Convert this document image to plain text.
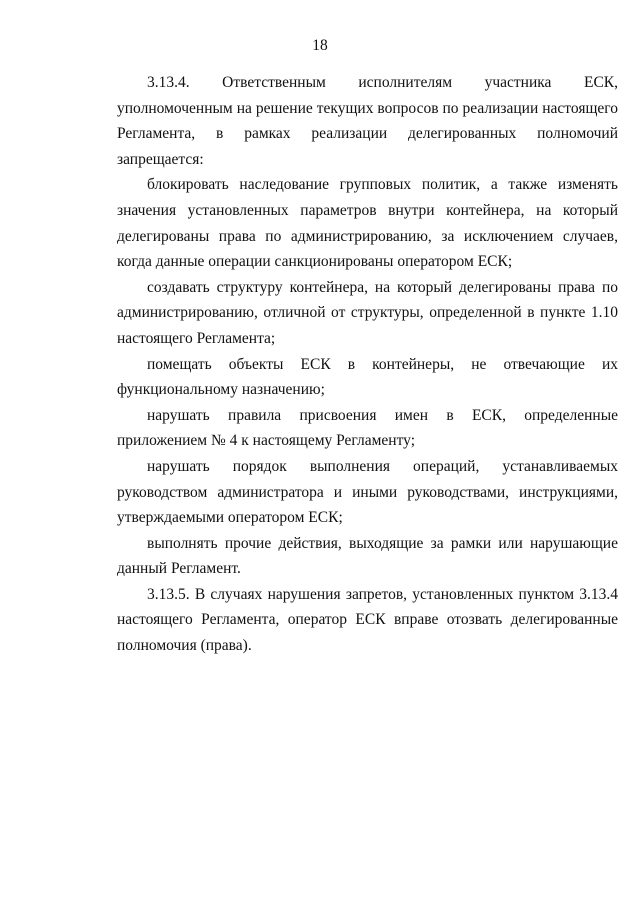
18

3.13.4. Ответственным исполнителям участника ЕСК, уполномоченным на решение текущих вопросов по реализации настоящего Регламента, в рамках реализации делегированных полномочий запрещается:

блокировать наследование групповых политик, а также изменять значения установленных параметров внутри контейнера, на который делегированы права по администрированию, за исключением случаев, когда данные операции санкционированы оператором ЕСК;

создавать структуру контейнера, на который делегированы права по администрированию, отличной от структуры, определенной в пункте 1.10 настоящего Регламента;

помещать объекты ЕСК в контейнеры, не отвечающие их функциональному назначению;

нарушать правила присвоения имен в ЕСК, определенные приложением № 4 к настоящему Регламенту;

нарушать порядок выполнения операций, устанавливаемых руководством администратора и иными руководствами, инструкциями, утверждаемыми оператором ЕСК;

выполнять прочие действия, выходящие за рамки или нарушающие данный Регламент.

3.13.5. В случаях нарушения запретов, установленных пунктом 3.13.4 настоящего Регламента, оператор ЕСК вправе отозвать делегированные полномочия (права).
